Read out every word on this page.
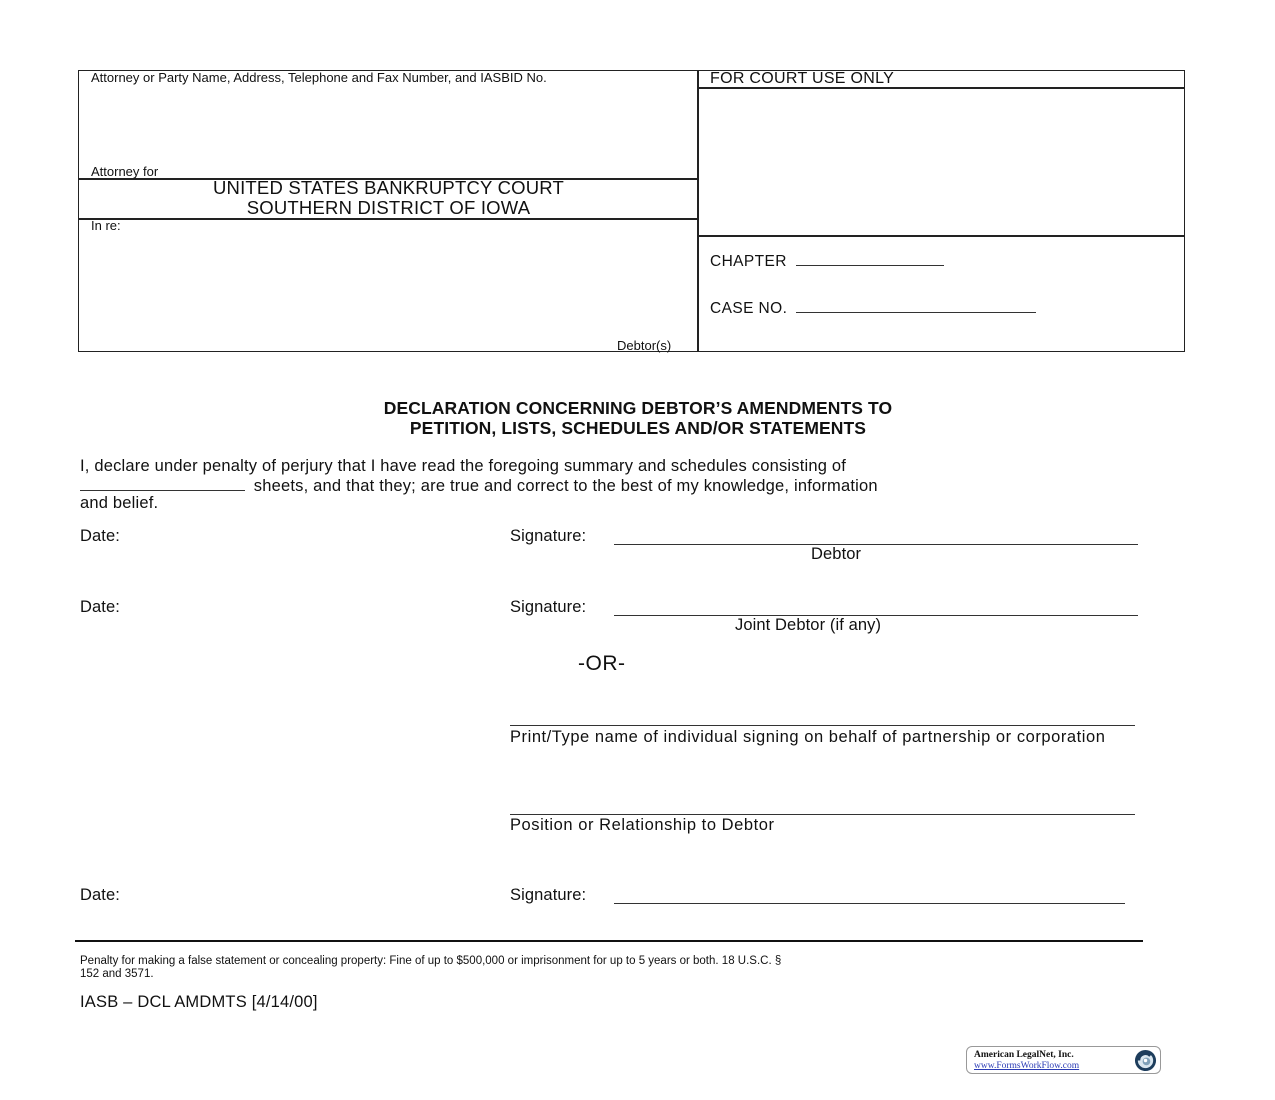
Attorney or Party Name, Address, Telephone and Fax Number, and IASBID No.
Attorney for
UNITED STATES BANKRUPTCY COURT
SOUTHERN DISTRICT OF IOWA
In re:
Debtor(s)
FOR COURT USE ONLY
CHAPTER
CASE NO.
DECLARATION CONCERNING DEBTOR’S AMENDMENTS TO
PETITION, LISTS, SCHEDULES AND/OR STATEMENTS
I, declare under penalty of perjury that I have read the foregoing summary and schedules consisting of
sheets, and that they; are true and correct to the best of my knowledge, information
and belief.
Date:	Signature:
Debtor
Date:	Signature:
Joint Debtor (if any)
-OR-
Print/Type name of individual signing on behalf of partnership or corporation
Position or Relationship to Debtor
Date:	Signature:
Penalty for making a false statement or concealing property: Fine of up to $500,000 or imprisonment for up to 5 years or both. 18 U.S.C. §
152 and 3571.
IASB – DCL AMDMTS [4/14/00]
American LegalNet, Inc.
www.FormsWorkFlow.com
